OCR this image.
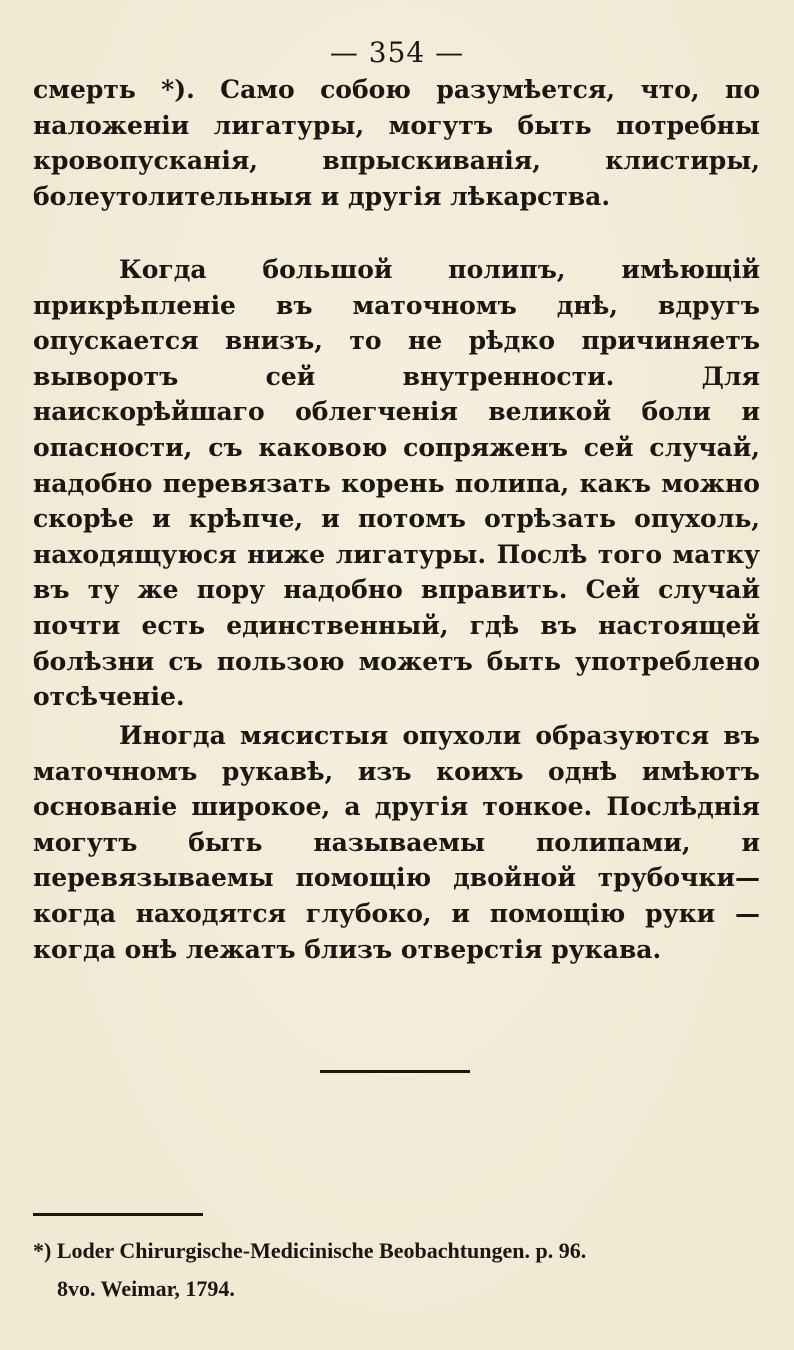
— 354 —

смерть *). Само собою разумѣется, что, по наложеніи лигатуры, могутъ быть потребны кровопусканія, впрыскиванія, клистиры, болеутолительныя и другія лѣкарства.

Когда большой полипъ, имѣющій прикрѣпленіе въ маточномъ днѣ, вдругъ опускается внизъ, то не рѣдко причиняетъ выворотъ сей внутренности. Для наискорѣйшаго облегченія великой боли и опасности, съ каковою сопряженъ сей случай, надобно перевязать корень полипа, какъ можно скорѣе и крѣпче, и потомъ отрѣзать опухоль, находящуюся ниже лигатуры. Послѣ того матку въ ту же пору надобно вправить. Сей случай почти есть единственный, гдѣ въ настоящей болѣзни съ пользою можетъ быть употреблено отсѣченіе.

Иногда мясистыя опухоли образуются въ маточномъ рукавѣ, изъ коихъ однѣ имѣютъ основаніе широкое, а другія тонкое. Послѣднія могутъ быть называемы полипами, и перевязываемы помощію двойной трубочки—когда находятся глубоко, и помощію руки — когда онѣ лежатъ близъ отверстія рукава.

*) Loder Chirurgische-Medicinische Beobachtungen. p. 96.
8vo. Weimar, 1794.
